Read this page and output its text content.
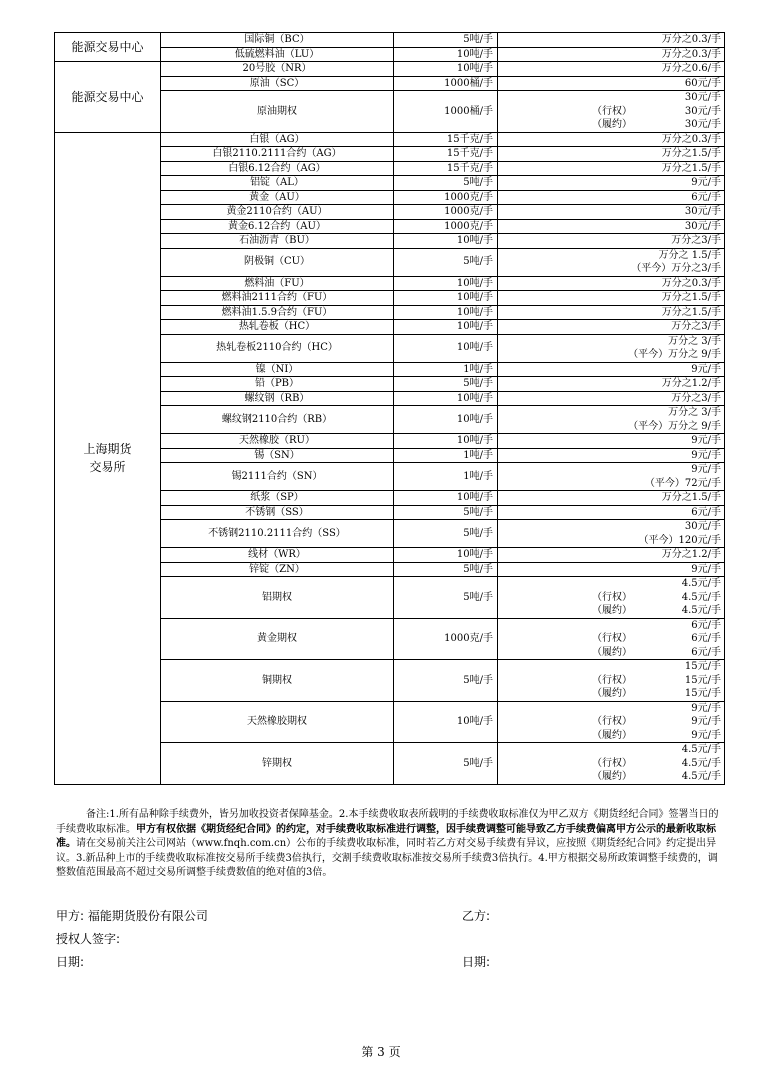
能源交易中心	国际铜（BC）	5吨/手	万分之0.3/手

	低硫燃料油（LU）	10吨/手	万分之0.3/手

能源交易中心	20号胶（NR）	10吨/手	万分之0.6/手

	原油（SC）	1000桶/手	60元/手

	原油期权	1000桶/手	30元/手
（行权） 30元/手
（履约） 30元/手

上海期货
交易所	白银（AG）	15千克/手	万分之0.3/手

	白银2110.2111合约（AG）	15千克/手	万分之1.5/手

	白银6.12合约（AG）	15千克/手	万分之1.5/手

	铝锭（AL）	5吨/手	9元/手

	黄金（AU）	1000克/手	6元/手

	黄金2110合约（AU）	1000克/手	30元/手

	黄金6.12合约（AU）	1000克/手	30元/手

	石油沥青（BU）	10吨/手	万分之3/手

	阴极铜（CU）	5吨/手	万分之 1.5/手
（平今）万分之3/手

	燃料油（FU）	10吨/手	万分之0.3/手

	燃料油2111合约（FU）	10吨/手	万分之1.5/手

	燃料油1.5.9合约（FU）	10吨/手	万分之1.5/手

	热轧卷板（HC）	10吨/手	万分之3/手

	热轧卷板2110合约（HC）	10吨/手	万分之 3/手
（平今）万分之 9/手

	镍（NI）	1吨/手	9元/手

	铅（PB）	5吨/手	万分之1.2/手

	螺纹钢（RB）	10吨/手	万分之3/手

	螺纹钢2110合约（RB）	10吨/手	万分之 3/手
（平今）万分之 9/手

	天然橡胶（RU）	10吨/手	9元/手

	锡（SN）	1吨/手	9元/手

	锡2111合约（SN）	1吨/手	9元/手
（平今）72元/手

	纸浆（SP）	10吨/手	万分之1.5/手

	不锈钢（SS）	5吨/手	6元/手

	不锈钢2110.2111合约（SS）	5吨/手	30元/手
（平今）120元/手

	线材（WR）	10吨/手	万分之1.2/手

	锌锭（ZN）	5吨/手	9元/手

	铝期权	5吨/手	4.5元/手
（行权） 4.5元/手
（履约） 4.5元/手

	黄金期权	1000克/手	6元/手
（行权） 6元/手
（履约） 6元/手

	铜期权	5吨/手	15元/手
（行权） 15元/手
（履约） 15元/手

	天然橡胶期权	10吨/手	9元/手
（行权） 9元/手
（履约） 9元/手

	锌期权	5吨/手	4.5元/手
（行权） 4.5元/手
（履约） 4.5元/手
备注:1.所有品种除手续费外，皆另加收投资者保障基金。2.本手续费收取表所载明的手续费收取标准仅为甲乙双方《期货经纪合同》签署当日的手续费收取标准。甲方有权依据《期货经纪合同》的约定，对手续费收取标准进行调整，因手续费调整可能导致乙方手续费偏离甲方公示的最新收取标准。请在交易前关注公司网站（www.fnqh.com.cn）公布的手续费收取标准，同时若乙方对交易手续费有异议，应按照《期货经纪合同》约定提出异议。3.新品种上市的手续费收取标准按交易所手续费3倍执行，交割手续费收取标准按交易所手续费3倍执行。4.甲方根据交易所政策调整手续费的，调整数值范围最高不超过交易所调整手续费数值的绝对值的3倍。
甲方: 福能期货股份有限公司	乙方:
授权人签字:
日期:	日期:
第 3 页
